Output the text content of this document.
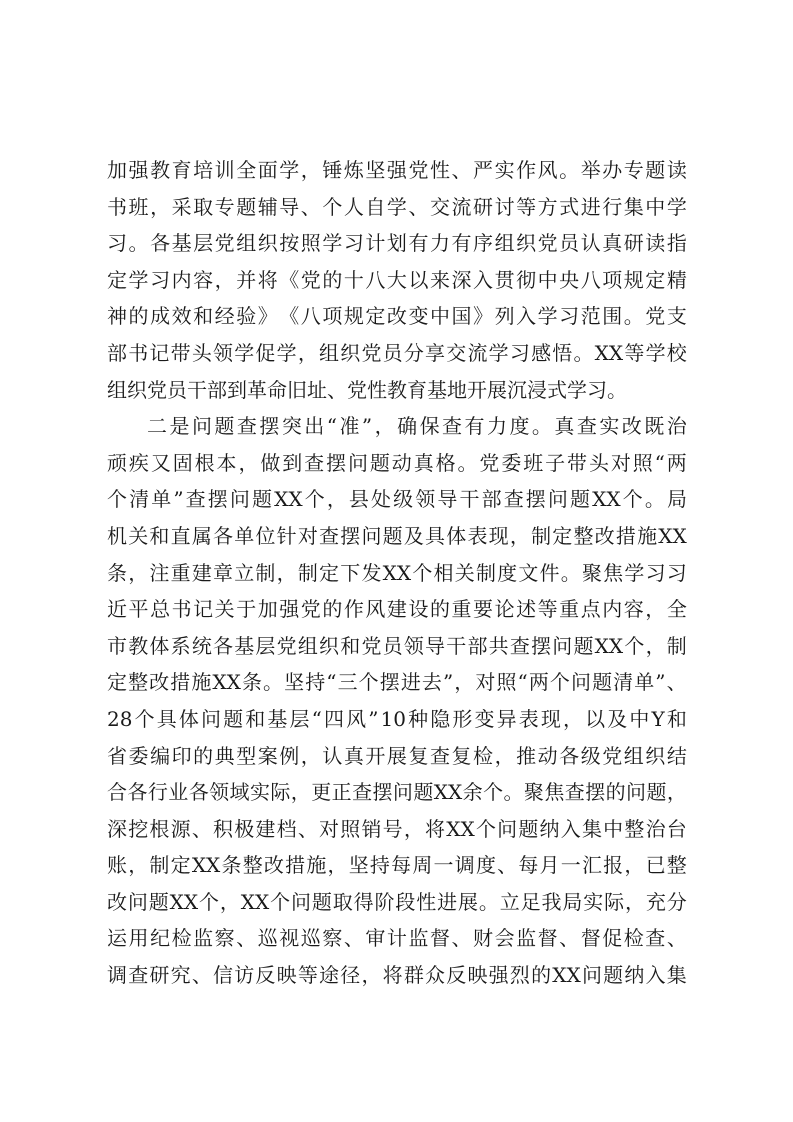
加 强 教 育 培 训 全 面 学 ， 锤 炼 坚 强 党 性 、 严 实 作 风 。 举 办 专 题 读

书 班 ， 采 取 专 题 辅 导 、 个 人 自 学 、 交 流 研 讨 等 方 式 进 行 集 中 学

习 。 各 基 层 党 组 织 按 照 学 习 计 划 有 力 有 序 组 织 党 员 认 真 研 读 指

定 学 习 内 容 ， 并 将 《 党 的 十 八 大 以 来 深 入 贯 彻 中 央 八 项 规 定 精

神 的 成 效 和 经 验 》 《 八 项 规 定 改 变 中 国 》 列 入 学 习 范 围 。 党 支

部 书 记 带 头 领 学 促 学 ， 组 织 党 员 分 享 交 流 学 习 感 悟 。 XX 等 学 校

组织党员干部到革命旧址、党性教育基地开展沉浸式学习。

二 是 问 题 查 摆 突 出 “ 准 ” ， 确 保 查 有 力 度 。 真 查 实 改 既 治

顽 疾 又 固 根 本 ， 做 到 查 摆 问 题 动 真 格 。 党 委 班 子 带 头 对 照 “ 两

个 清 单 ” 查 摆 问 题 XX 个 ， 县 处 级 领 导 干 部 查 摆 问 题 XX 个 。 局

机 关 和 直 属 各 单 位 针 对 查 摆 问 题 及 具 体 表 现 ， 制 定 整 改 措 施 XX

条 ， 注 重 建 章 立 制 ， 制 定 下 发 XX 个 相 关 制 度 文 件 。 聚 焦 学 习 习

近 平 总 书 记 关 于 加 强 党 的 作 风 建 设 的 重 要 论 述 等 重 点 内 容 ， 全

市 教 体 系 统 各 基 层 党 组 织 和 党 员 领 导 干 部 共 查 摆 问 题 XX 个 ， 制

定 整 改 措 施 XX 条 。 坚 持 “ 三 个 摆 进 去 ” ， 对 照 “ 两 个 问 题 清 单 ” 、

28 个 具 体 问 题 和 基 层 “ 四 风 ” 10 种 隐 形 变 异 表 现 ， 以 及 中 Y 和

省 委 编 印 的 典 型 案 例 ， 认 真 开 展 复 查 复 检 ， 推 动 各 级 党 组 织 结

合 各 行 业 各 领 域 实 际 ， 更 正 查 摆 问 题 XX 余 个 。 聚 焦 查 摆 的 问 题 ，

深 挖 根 源 、 积 极 建 档 、 对 照 销 号 ， 将 XX 个 问 题 纳 入 集 中 整 治 台

账 ， 制 定 XX 条 整 改 措 施 ， 坚 持 每 周 一 调 度 、 每 月 一 汇 报 ， 已 整

改 问 题 XX 个 ， XX 个 问 题 取 得 阶 段 性 进 展 。 立 足 我 局 实 际 ， 充 分

运 用 纪 检 监 察 、 巡 视 巡 察 、 审 计 监 督 、 财 会 监 督 、 督 促 检 查 、

调 查 研 究 、 信 访 反 映 等 途 径 ， 将 群 众 反 映 强 烈 的 XX 问 题 纳 入 集
